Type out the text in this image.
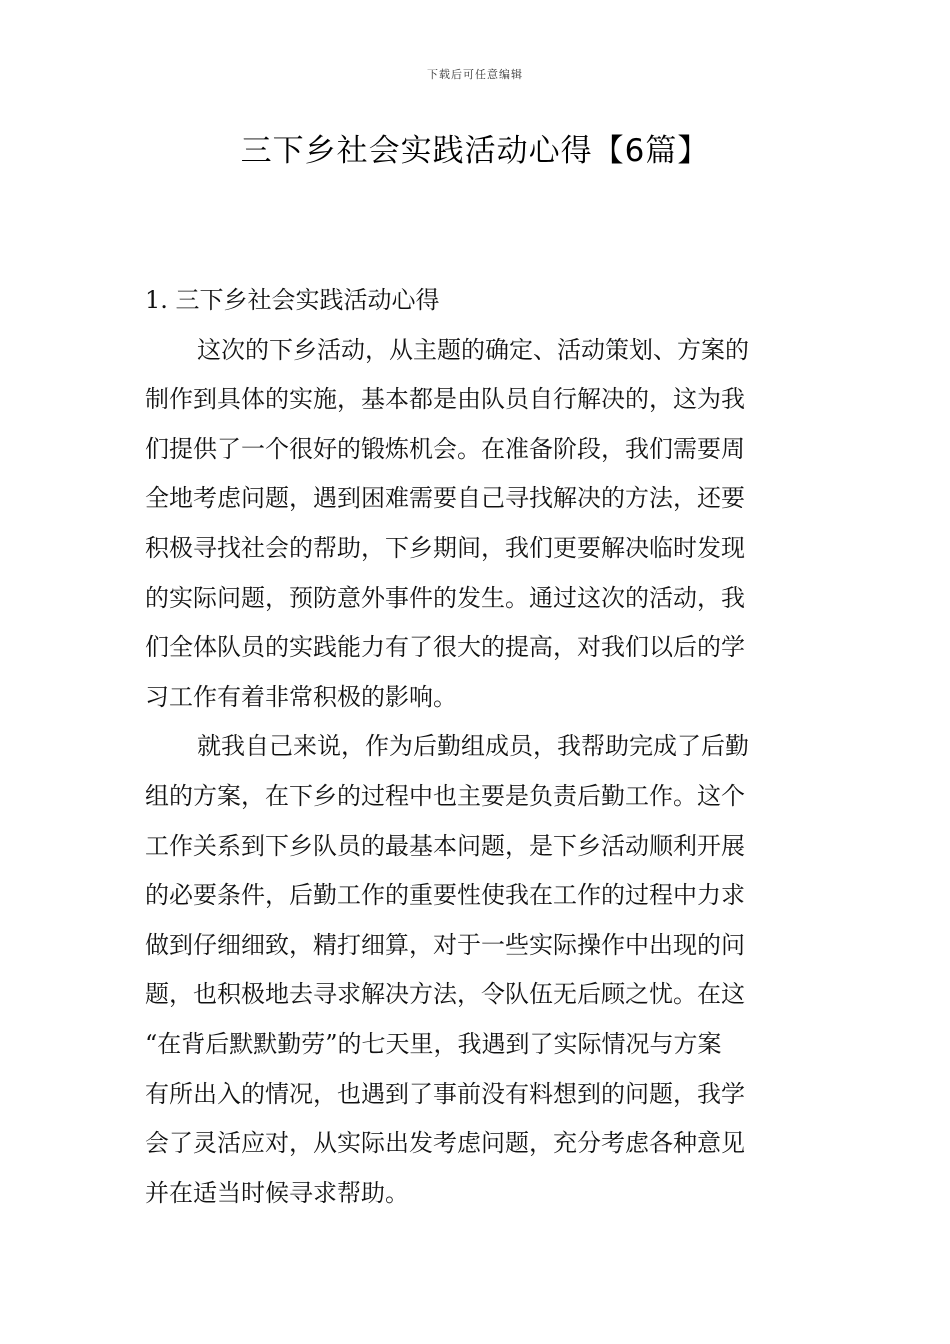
下载后可任意编辑
三下乡社会实践活动心得【6篇】
1. 三下乡社会实践活动心得
这次的下乡活动，从主题的确定、活动策划、方案的
制作到具体的实施，基本都是由队员自行解决的，这为我
们提供了一个很好的锻炼机会。在准备阶段，我们需要周
全地考虑问题，遇到困难需要自己寻找解决的方法，还要
积极寻找社会的帮助，下乡期间，我们更要解决临时发现
的实际问题，预防意外事件的发生。通过这次的活动，我
们全体队员的实践能力有了很大的提高，对我们以后的学
习工作有着非常积极的影响。
就我自己来说，作为后勤组成员，我帮助完成了后勤
组的方案，在下乡的过程中也主要是负责后勤工作。这个
工作关系到下乡队员的最基本问题，是下乡活动顺利开展
的必要条件，后勤工作的重要性使我在工作的过程中力求
做到仔细细致，精打细算，对于一些实际操作中出现的问
题，也积极地去寻求解决方法，令队伍无后顾之忧。在这
“在背后默默勤劳”的七天里，我遇到了实际情况与方案
有所出入的情况，也遇到了事前没有料想到的问题，我学
会了灵活应对，从实际出发考虑问题，充分考虑各种意见
并在适当时候寻求帮助。
